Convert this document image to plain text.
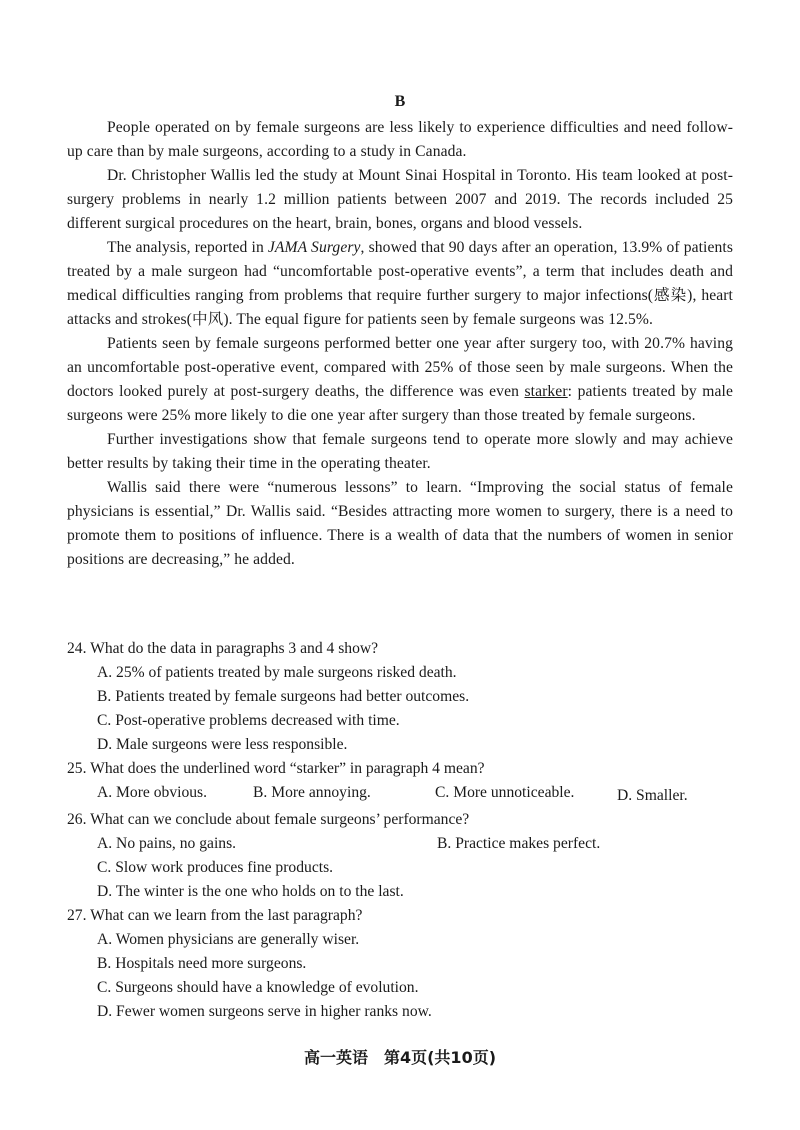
B

People operated on by female surgeons are less likely to experience difficulties and need follow-up care than by male surgeons, according to a study in Canada.

Dr. Christopher Wallis led the study at Mount Sinai Hospital in Toronto. His team looked at post-surgery problems in nearly 1.2 million patients between 2007 and 2019. The records included 25 different surgical procedures on the heart, brain, bones, organs and blood vessels.

The analysis, reported in JAMA Surgery, showed that 90 days after an operation, 13.9% of patients treated by a male surgeon had “uncomfortable post-operative events”, a term that includes death and medical difficulties ranging from problems that require further surgery to major infections(感染), heart attacks and strokes(中风). The equal figure for patients seen by female surgeons was 12.5%.

Patients seen by female surgeons performed better one year after surgery too, with 20.7% having an uncomfortable post-operative event, compared with 25% of those seen by male surgeons. When the doctors looked purely at post-surgery deaths, the difference was even starker: patients treated by male surgeons were 25% more likely to die one year after surgery than those treated by female surgeons.

Further investigations show that female surgeons tend to operate more slowly and may achieve better results by taking their time in the operating theater.

Wallis said there were “numerous lessons” to learn. “Improving the social status of female physicians is essential,” Dr. Wallis said. “Besides attracting more women to surgery, there is a need to promote them to positions of influence. There is a wealth of data that the numbers of women in senior positions are decreasing,” he added.

24. What do the data in paragraphs 3 and 4 show?

A. 25% of patients treated by male surgeons risked death.
B. Patients treated by female surgeons had better outcomes.
C. Post-operative problems decreased with time.
D. Male surgeons were less responsible.

25. What does the underlined word “starker” in paragraph 4 mean?

A. More obvious.	B. More annoying.	C. More unnoticeable.	D. Smaller.

26. What can we conclude about female surgeons’ performance?

A. No pains, no gains.	B. Practice makes perfect.
C. Slow work produces fine products.
D. The winter is the one who holds on to the last.

27. What can we learn from the last paragraph?

A. Women physicians are generally wiser.
B. Hospitals need more surgeons.
C. Surgeons should have a knowledge of evolution.
D. Fewer women surgeons serve in higher ranks now.
高一英语　第4页(共10页)
